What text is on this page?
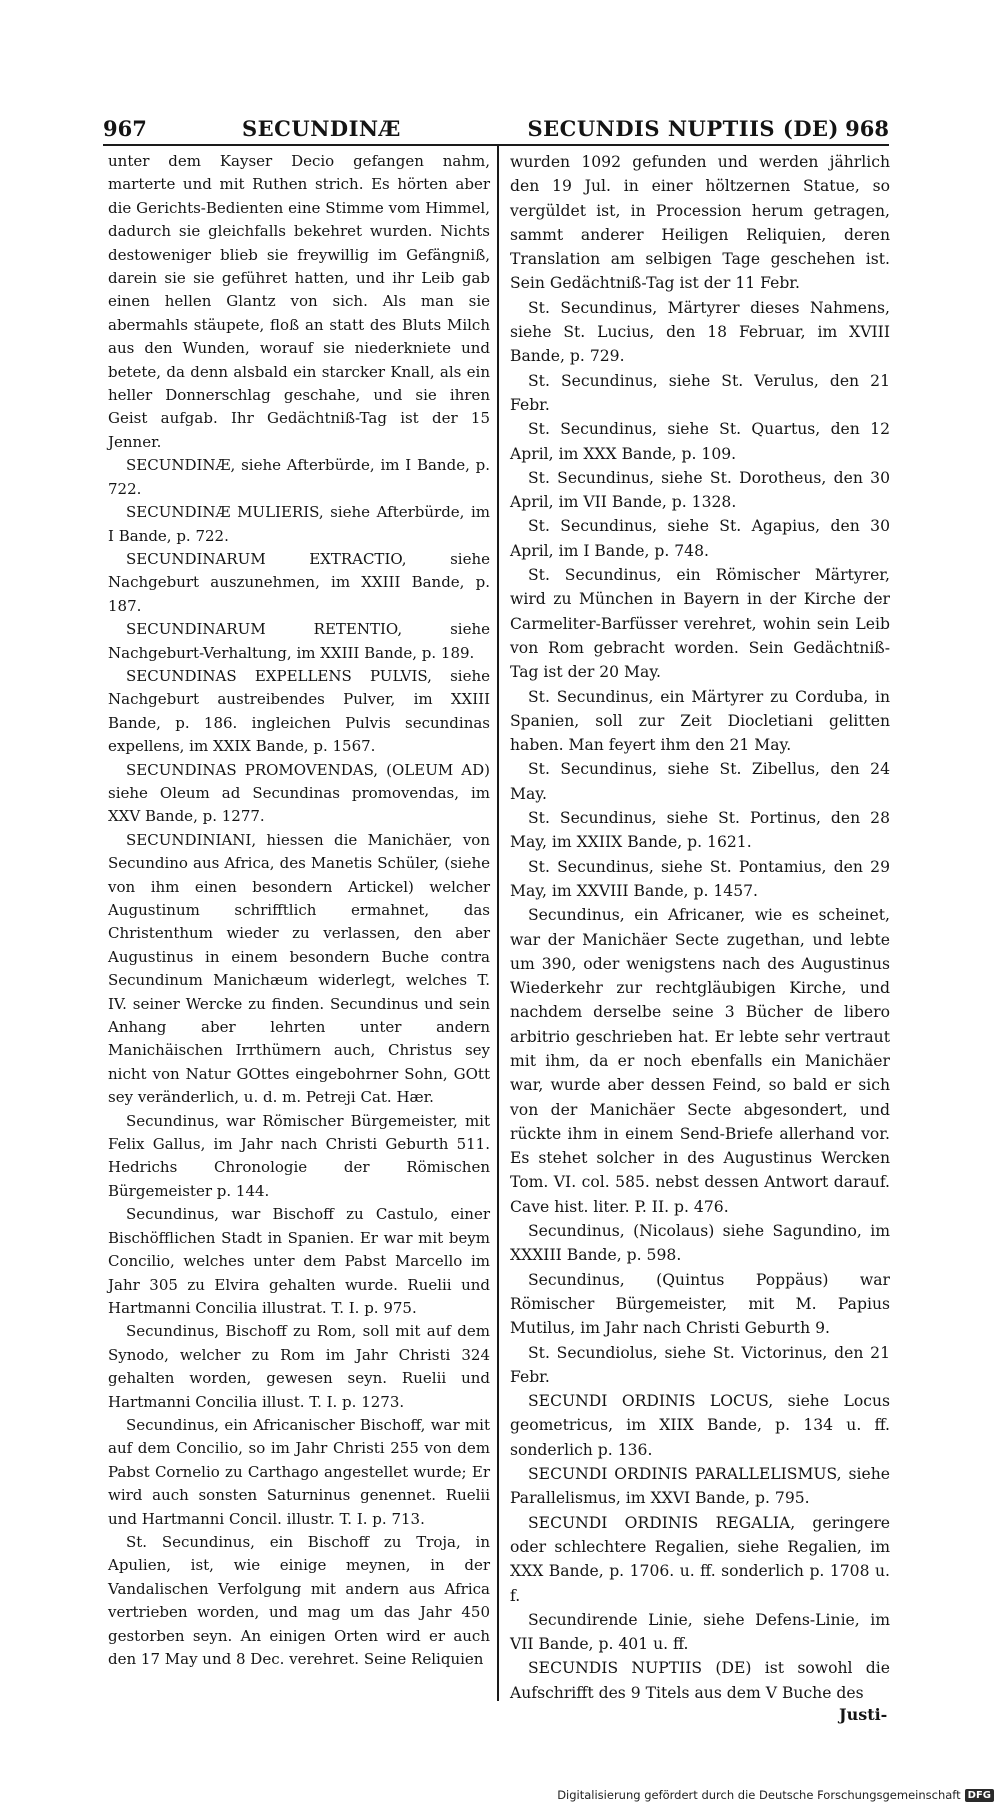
967	SECUNDINÆ	SECUNDIS NUPTIIS (DE) 968

unter dem Kayser Decio gefangen nahm, marterte und mit Ruthen strich. Es hörten aber die Gerichts-Bedienten eine Stimme vom Himmel, dadurch sie gleichfalls bekehret wurden. Nichts destoweniger blieb sie freywillig im Gefängniß, darein sie sie geführet hatten, und ihr Leib gab einen hellen Glantz von sich. Als man sie abermahls stäupete, floß an statt des Bluts Milch aus den Wunden, worauf sie niederkniete und betete, da denn alsbald ein starcker Knall, als ein heller Donnerschlag geschahe, und sie ihren Geist aufgab. Ihr Gedächtniß-Tag ist der 15 Jenner.

SECUNDINÆ, siehe Afterbürde, im I Bande, p. 722.

SECUNDINÆ MULIERIS, siehe Afterbürde, im I Bande, p. 722.

SECUNDINARUM EXTRACTIO, siehe Nachgeburt auszunehmen, im XXIII Bande, p. 187.

SECUNDINARUM RETENTIO, siehe Nachgeburt-Verhaltung, im XXIII Bande, p. 189.

SECUNDINAS EXPELLENS PULVIS, siehe Nachgeburt austreibendes Pulver, im XXIII Bande, p. 186. ingleichen Pulvis secundinas expellens, im XXIX Bande, p. 1567.

SECUNDINAS PROMOVENDAS, (OLEUM AD) siehe Oleum ad Secundinas promovendas, im XXV Bande, p. 1277.

SECUNDINIANI, hiessen die Manichäer, von Secundino aus Africa, des Manetis Schüler, (siehe von ihm einen besondern Artickel) welcher Augustinum schrifftlich ermahnet, das Christenthum wieder zu verlassen, den aber Augustinus in einem besondern Buche contra Secundinum Manichæum widerlegt, welches T. IV. seiner Wercke zu finden. Secundinus und sein Anhang aber lehrten unter andern Manichäischen Irrthümern auch, Christus sey nicht von Natur GOttes eingebohrner Sohn, GOtt sey veränderlich, u. d. m. Petreji Cat. Hær.

Secundinus, war Römischer Bürgemeister, mit Felix Gallus, im Jahr nach Christi Geburth 511. Hedrichs Chronologie der Römischen Bürgemeister p. 144.

Secundinus, war Bischoff zu Castulo, einer Bischöfflichen Stadt in Spanien. Er war mit beym Concilio, welches unter dem Pabst Marcello im Jahr 305 zu Elvira gehalten wurde. Ruelii und Hartmanni Concilia illustrat. T. I. p. 975.

Secundinus, Bischoff zu Rom, soll mit auf dem Synodo, welcher zu Rom im Jahr Christi 324 gehalten worden, gewesen seyn. Ruelii und Hartmanni Concilia illust. T. I. p. 1273.

Secundinus, ein Africanischer Bischoff, war mit auf dem Concilio, so im Jahr Christi 255 von dem Pabst Cornelio zu Carthago angestellet wurde; Er wird auch sonsten Saturninus genennet. Ruelii und Hartmanni Concil. illustr. T. I. p. 713.

St. Secundinus, ein Bischoff zu Troja, in Apulien, ist, wie einige meynen, in der Vandalischen Verfolgung mit andern aus Africa vertrieben worden, und mag um das Jahr 450 gestorben seyn. An einigen Orten wird er auch den 17 May und 8 Dec. verehret. Seine Reliquien

wurden 1092 gefunden und werden jährlich den 19 Jul. in einer höltzernen Statue, so vergüldet ist, in Procession herum getragen, sammt anderer Heiligen Reliquien, deren Translation am selbigen Tage geschehen ist. Sein Gedächtniß-Tag ist der 11 Febr.

St. Secundinus, Märtyrer dieses Nahmens, siehe St. Lucius, den 18 Februar, im XVIII Bande, p. 729.

St. Secundinus, siehe St. Verulus, den 21 Febr.

St. Secundinus, siehe St. Quartus, den 12 April, im XXX Bande, p. 109.

St. Secundinus, siehe St. Dorotheus, den 30 April, im VII Bande, p. 1328.

St. Secundinus, siehe St. Agapius, den 30 April, im I Bande, p. 748.

St. Secundinus, ein Römischer Märtyrer, wird zu München in Bayern in der Kirche der Carmeliter-Barfüsser verehret, wohin sein Leib von Rom gebracht worden. Sein Gedächtniß-Tag ist der 20 May.

St. Secundinus, ein Märtyrer zu Corduba, in Spanien, soll zur Zeit Diocletiani gelitten haben. Man feyert ihm den 21 May.

St. Secundinus, siehe St. Zibellus, den 24 May.

St. Secundinus, siehe St. Portinus, den 28 May, im XXIIX Bande, p. 1621.

St. Secundinus, siehe St. Pontamius, den 29 May, im XXVIII Bande, p. 1457.

Secundinus, ein Africaner, wie es scheinet, war der Manichäer Secte zugethan, und lebte um 390, oder wenigstens nach des Augustinus Wiederkehr zur rechtgläubigen Kirche, und nachdem derselbe seine 3 Bücher de libero arbitrio geschrieben hat. Er lebte sehr vertraut mit ihm, da er noch ebenfalls ein Manichäer war, wurde aber dessen Feind, so bald er sich von der Manichäer Secte abgesondert, und rückte ihm in einem Send-Briefe allerhand vor. Es stehet solcher in des Augustinus Wercken Tom. VI. col. 585. nebst dessen Antwort darauf. Cave hist. liter. P. II. p. 476.

Secundinus, (Nicolaus) siehe Sagundino, im XXXIII Bande, p. 598.

Secundinus, (Quintus Poppäus) war Römischer Bürgemeister, mit M. Papius Mutilus, im Jahr nach Christi Geburth 9.

St. Secundiolus, siehe St. Victorinus, den 21 Febr.

SECUNDI ORDINIS LOCUS, siehe Locus geometricus, im XIIX Bande, p. 134 u. ff. sonderlich p. 136.

SECUNDI ORDINIS PARALLELISMUS, siehe Parallelismus, im XXVI Bande, p. 795.

SECUNDI ORDINIS REGALIA, geringere oder schlechtere Regalien, siehe Regalien, im XXX Bande, p. 1706. u. ff. sonderlich p. 1708 u. f.

Secundirende Linie, siehe Defens-Linie, im VII Bande, p. 401 u. ff.

SECUNDIS NUPTIIS (DE) ist sowohl die Aufschrifft des 9 Titels aus dem V Buche des

Justi-
Digitalisierung gefördert durch die Deutsche Forschungsgemeinschaft DFG
